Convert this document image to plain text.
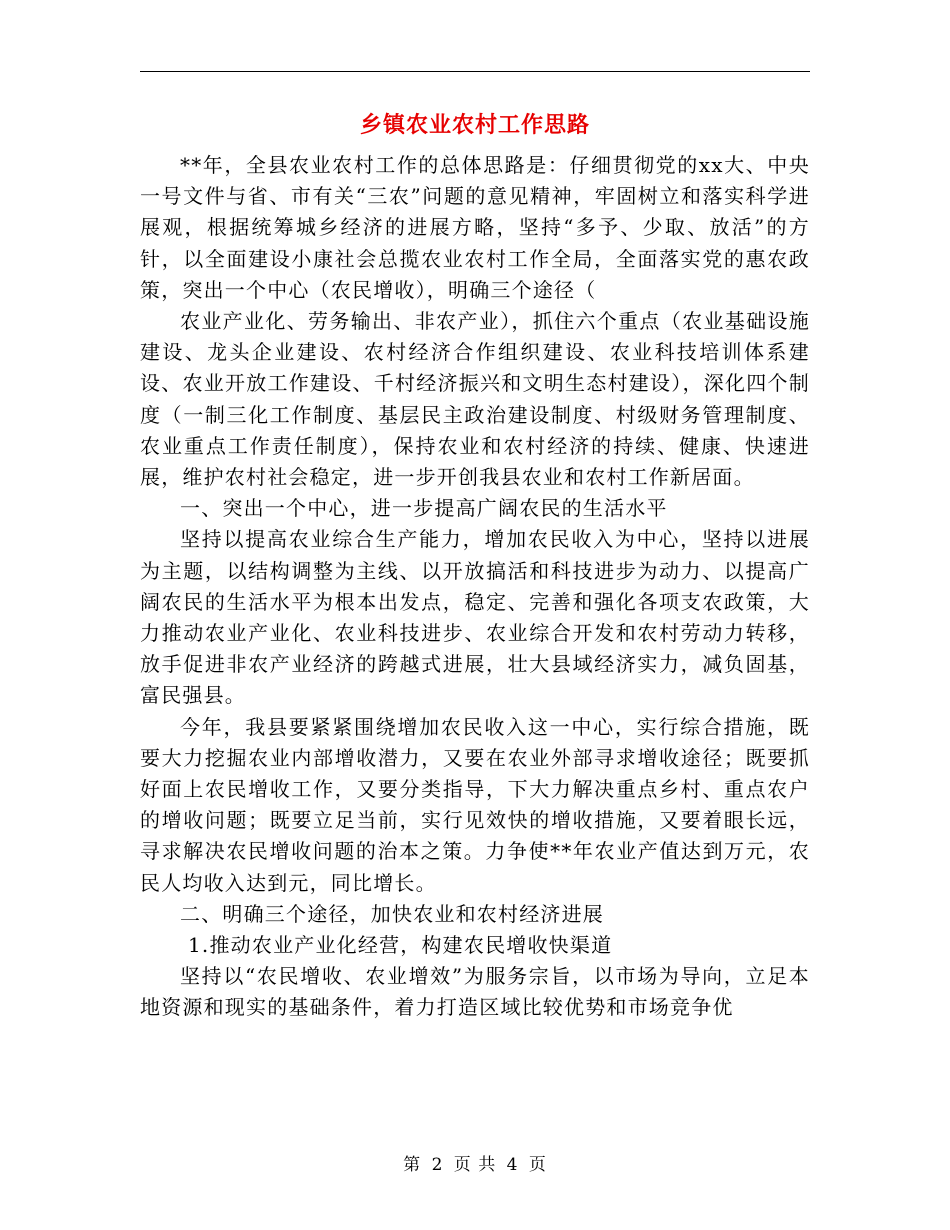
乡镇农业农村工作思路

**年，全县农业农村工作的总体思路是：仔细贯彻党的xx大、中央一号文件与省、市有关“三农”问题的意见精神，牢固树立和落实科学进展观，根据统筹城乡经济的进展方略，坚持“多予、少取、放活”的方针，以全面建设小康社会总揽农业农村工作全局，全面落实党的惠农政策，突出一个中心（农民增收），明确三个途径（

农业产业化、劳务输出、非农产业），抓住六个重点（农业基础设施建设、龙头企业建设、农村经济合作组织建设、农业科技培训体系建设、农业开放工作建设、千村经济振兴和文明生态村建设），深化四个制度（一制三化工作制度、基层民主政治建设制度、村级财务管理制度、农业重点工作责任制度），保持农业和农村经济的持续、健康、快速进展，维护农村社会稳定，进一步开创我县农业和农村工作新居面。

一、突出一个中心，进一步提高广阔农民的生活水平

坚持以提高农业综合生产能力，增加农民收入为中心，坚持以进展为主题，以结构调整为主线、以开放搞活和科技进步为动力、以提高广阔农民的生活水平为根本出发点，稳定、完善和强化各项支农政策，大力推动农业产业化、农业科技进步、农业综合开发和农村劳动力转移，放手促进非农产业经济的跨越式进展，壮大县域经济实力，减负固基，富民强县。

今年，我县要紧紧围绕增加农民收入这一中心，实行综合措施，既要大力挖掘农业内部增收潜力，又要在农业外部寻求增收途径；既要抓好面上农民增收工作，又要分类指导，下大力解决重点乡村、重点农户的增收问题；既要立足当前，实行见效快的增收措施，又要着眼长远，寻求解决农民增收问题的治本之策。力争使**年农业产值达到万元，农民人均收入达到元，同比增长。

二、明确三个途径，加快农业和农村经济进展

1.推动农业产业化经营，构建农民增收快渠道

坚持以“农民增收、农业增效”为服务宗旨，以市场为导向，立足本地资源和现实的基础条件，着力打造区域比较优势和市场竞争优

第 2 页 共 4 页
